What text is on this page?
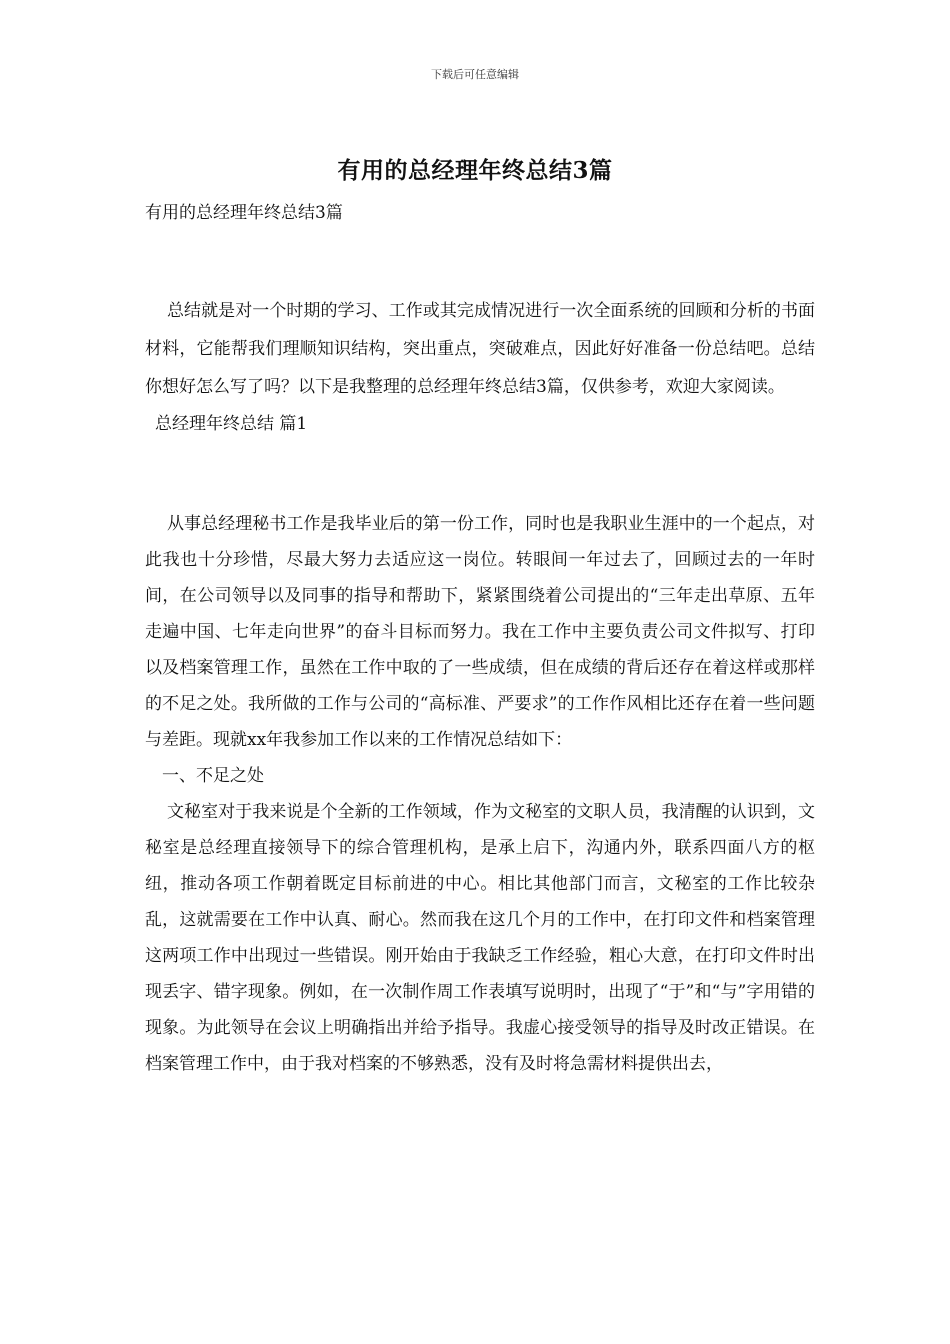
下载后可任意编辑
有用的总经理年终总结3篇

有用的总经理年终总结3篇

总结就是对一个时期的学习、工作或其完成情况进行一次全面系统的回顾和分析的书面材料，它能帮我们理顺知识结构，突出重点，突破难点，因此好好准备一份总结吧。总结你想好怎么写了吗？以下是我整理的总经理年终总结3篇，仅供参考，欢迎大家阅读。

总经理年终总结 篇1

从事总经理秘书工作是我毕业后的第一份工作，同时也是我职业生涯中的一个起点，对此我也十分珍惜，尽最大努力去适应这一岗位。转眼间一年过去了，回顾过去的一年时间，在公司领导以及同事的指导和帮助下，紧紧围绕着公司提出的“三年走出草原、五年走遍中国、七年走向世界”的奋斗目标而努力。我在工作中主要负责公司文件拟写、打印以及档案管理工作，虽然在工作中取的了一些成绩，但在成绩的背后还存在着这样或那样的不足之处。我所做的工作与公司的“高标准、严要求”的工作作风相比还存在着一些问题与差距。现就xx年我参加工作以来的工作情况总结如下：

一、不足之处

文秘室对于我来说是个全新的工作领域，作为文秘室的文职人员，我清醒的认识到，文秘室是总经理直接领导下的综合管理机构，是承上启下，沟通内外，联系四面八方的枢纽，推动各项工作朝着既定目标前进的中心。相比其他部门而言，文秘室的工作比较杂乱，这就需要在工作中认真、耐心。然而我在这几个月的工作中，在打印文件和档案管理这两项工作中出现过一些错误。刚开始由于我缺乏工作经验，粗心大意，在打印文件时出现丢字、错字现象。例如，在一次制作周工作表填写说明时，出现了“于”和“与”字用错的现象。为此领导在会议上明确指出并给予指导。我虚心接受领导的指导及时改正错误。在档案管理工作中，由于我对档案的不够熟悉，没有及时将急需材料提供出去，
